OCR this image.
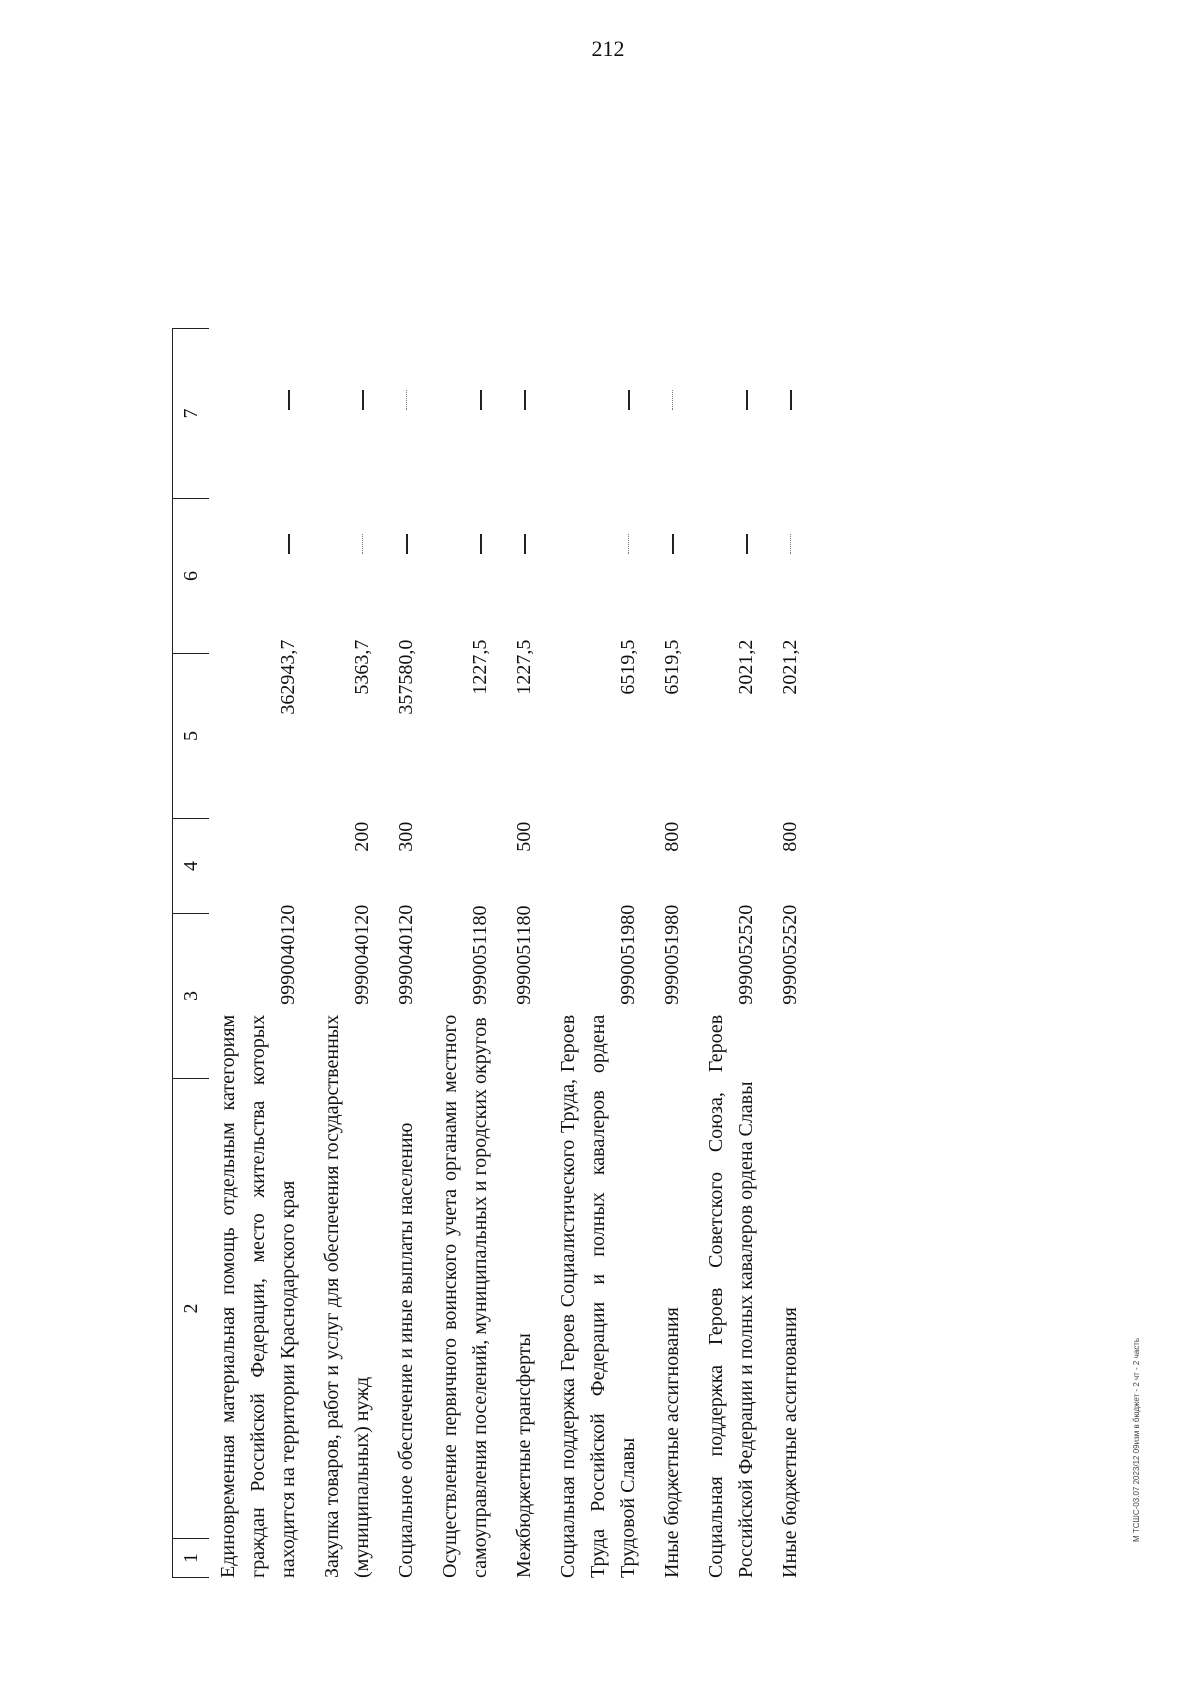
212
М ТСШС-03.07 2023/12 09изм в бюджет - 2 чт - 2 часть
1
2
3
4
5
6
7
Единовременная материальная помощь отдельным категориям граждан Российской Федерации, место жительства которых находится на территории Краснодарского края
9990040120
362943,7
Закупка товаров, работ и услуг для обеспечения государственных (муниципальных) нужд
9990040120
200
5363,7
Социальное обеспечение и иные выплаты населению
9990040120
300
357580,0
Осуществление первичного воинского учета органами местного самоуправления поселений, муниципальных и городских округов
9990051180
1227,5
Межбюджетные трансферты
9990051180
500
1227,5
Социальная поддержка Героев Социалистического Труда, Героев Труда Российской Федерации и полных кавалеров ордена Трудовой Славы
9990051980
6519,5
Иные бюджетные ассигнования
9990051980
800
6519,5
Социальная поддержка Героев Советского Союза, Героев Российской Федерации и полных кавалеров ордена Славы
9990052520
2021,2
Иные бюджетные ассигнования
9990052520
800
2021,2
